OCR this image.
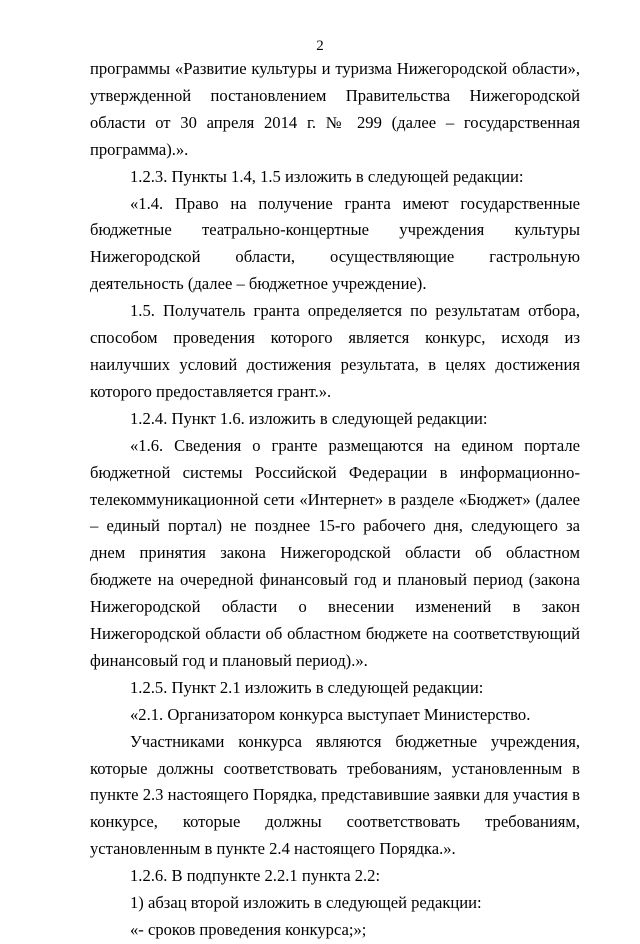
2

программы «Развитие культуры и туризма Нижегородской области», утвержденной постановлением Правительства Нижегородской области от 30 апреля 2014 г. № 299 (далее – государственная программа).».

1.2.3. Пункты 1.4, 1.5 изложить в следующей редакции:

«1.4. Право на получение гранта имеют государственные бюджетные театрально-концертные учреждения культуры Нижегородской области, осуществляющие гастрольную деятельность (далее – бюджетное учреждение).

1.5. Получатель гранта определяется по результатам отбора, способом проведения которого является конкурс, исходя из наилучших условий достижения результата, в целях достижения которого предоставляется грант.».

1.2.4. Пункт 1.6. изложить в следующей редакции:

«1.6. Сведения о гранте размещаются на едином портале бюджетной системы Российской Федерации в информационно-телекоммуникационной сети «Интернет» в разделе «Бюджет» (далее – единый портал) не позднее 15-го рабочего дня, следующего за днем принятия закона Нижегородской области об областном бюджете на очередной финансовый год и плановый период (закона Нижегородской области о внесении изменений в закон Нижегородской области об областном бюджете на соответствующий финансовый год и плановый период).».

1.2.5. Пункт 2.1 изложить в следующей редакции:

«2.1. Организатором конкурса выступает Министерство.

Участниками конкурса являются бюджетные учреждения, которые должны соответствовать требованиям, установленным в пункте 2.3 настоящего Порядка, представившие заявки для участия в конкурсе, которые должны соответствовать требованиям, установленным в пункте 2.4 настоящего Порядка.».

1.2.6. В подпункте 2.2.1 пункта 2.2:

1) абзац второй изложить в следующей редакции:

«- сроков проведения конкурса;»;
